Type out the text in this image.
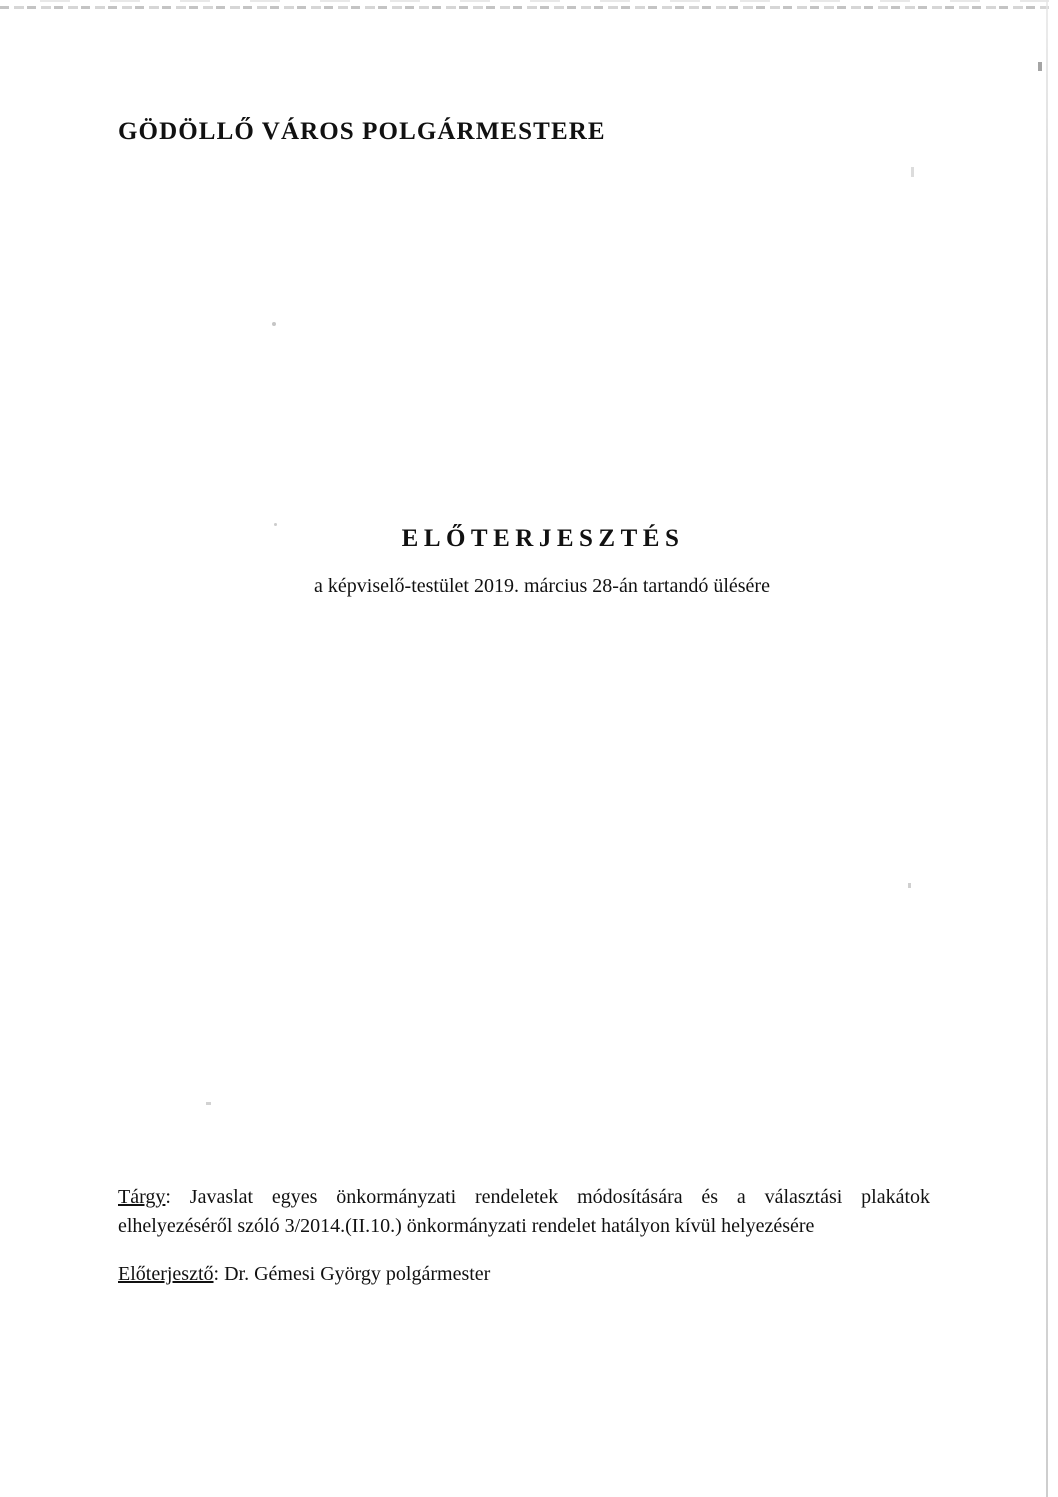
GÖDÖLLŐ VÁROS POLGÁRMESTERE
ELŐTERJESZTÉS
a képviselő-testület 2019. március 28-án tartandó ülésére
Tárgy: Javaslat egyes önkormányzati rendeletek módosítására és a választási plakátok
elhelyezéséről szóló 3/2014.(II.10.) önkormányzati rendelet hatályon kívül helyezésére
Előterjesztő: Dr. Gémesi György polgármester
